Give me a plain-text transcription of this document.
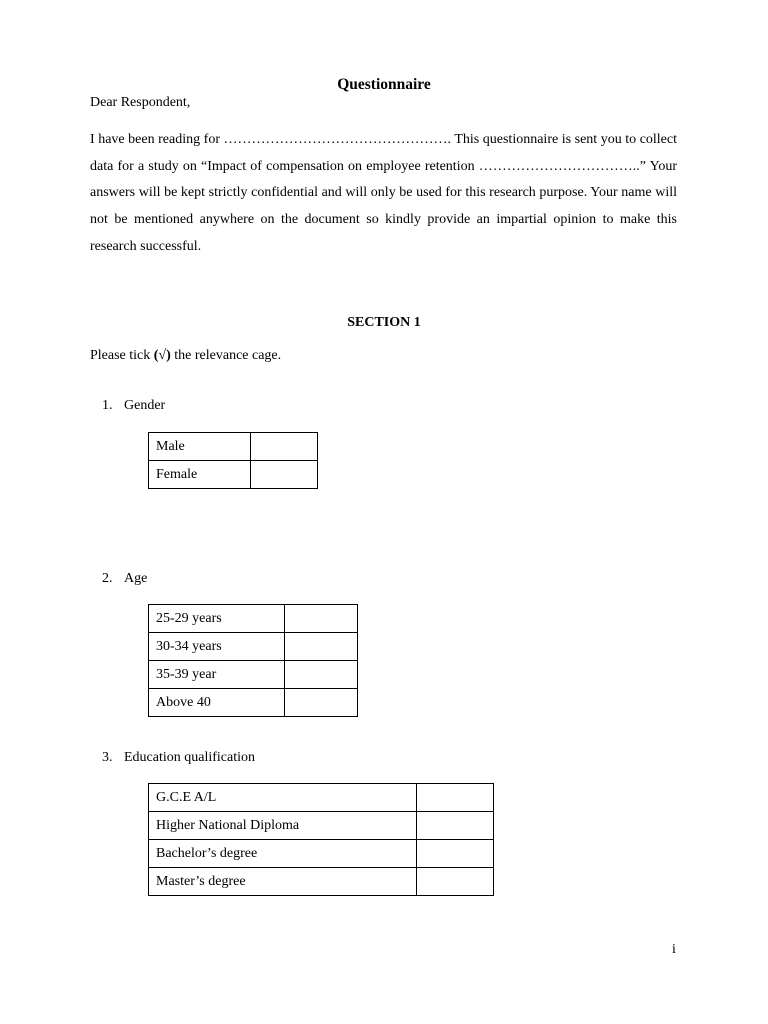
Questionnaire
Dear Respondent,

I have been reading for …………………………………………. This questionnaire is sent you to collect data for a study on “Impact of compensation on employee retention ……………………………..” Your answers will be kept strictly confidential and will only be used for this research purpose. Your name will not be mentioned anywhere on the document so kindly provide an impartial opinion to make this research successful.

SECTION 1
Please tick (√) the relevance cage.
1. Gender
Male	
Female	
2. Age
25-29 years	
30-34 years	
35-39 year	
Above 40	
3. Education qualification
G.C.E A/L	
Higher National Diploma	
Bachelor’s degree	
Master’s degree	
i
